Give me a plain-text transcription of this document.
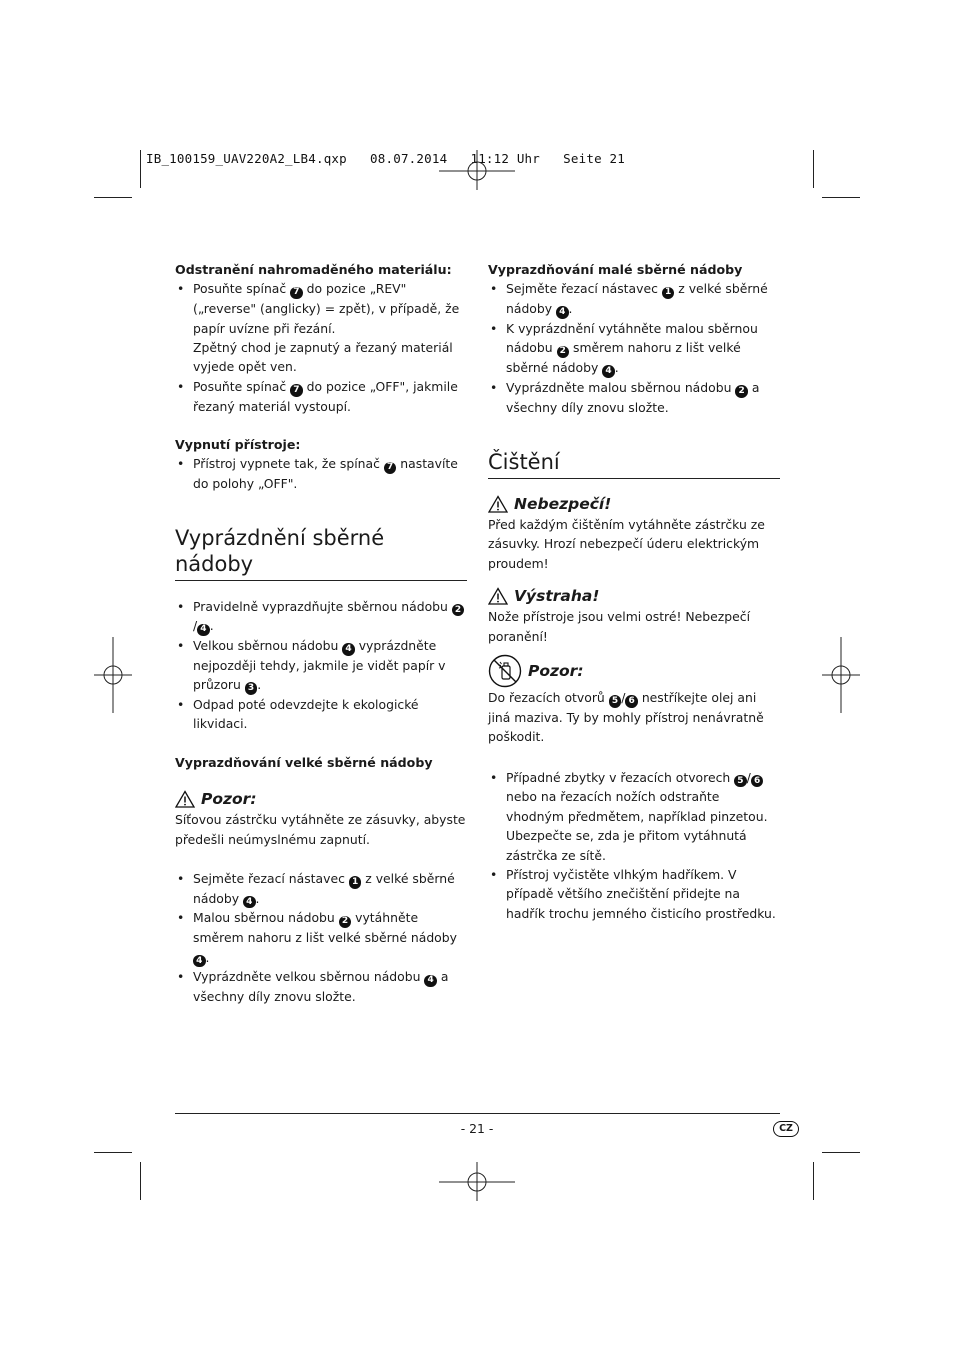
IB_100159_UAV220A2_LB4.qxp   08.07.2014   11:12 Uhr   Seite 21

Odstranění nahromaděného materiálu:

• Posuňte spínač 7 do pozice „REV" („reverse" (anglicky) = zpět), v případě, že papír uvízne při řezání.
Zpětný chod je zapnutý a řezaný materiál vyjede opět ven.
• Posuňte spínač 7 do pozice „OFF", jakmile řezaný materiál vystoupí.

Vypnutí přístroje:

• Přístroj vypnete tak, že spínač 7 nastavíte do polohy „OFF".
Vyprázdnění sběrné nádoby
• Pravidelně vyprazdňujte sběrnou nádobu 2/ 4 .
• Velkou sběrnou nádobu 4 vyprázdněte nejpozději tehdy, jakmile je vidět papír v průzoru 3 .
• Odpad poté odevzdejte k ekologické likvidaci.

Vyprazdňování velké sběrné nádoby

Pozor:

Síťovou zástrčku vytáhněte ze zásuvky, abyste předešli neúmyslnému zapnutí.

• Sejměte řezací nástavec 1 z velké sběrné nádoby 4 .
• Malou sběrnou nádobu 2 vytáhněte směrem nahoru z lišt velké sběrné nádoby 4 .
• Vyprázdněte velkou sběrnou nádobu 4 a všechny díly znovu složte.

Vyprazdňování malé sběrné nádoby

• Sejměte řezací nástavec 1 z velké sběrné nádoby 4 .
• K vyprázdnění vytáhněte malou sběrnou nádobu 2 směrem nahoru z lišt velké sběrné nádoby 4 .
• Vyprázdněte malou sběrnou nádobu 2 a všechny díly znovu složte.
Čištění
Nebezpečí!

Před každým čištěním vytáhněte zástrčku ze zásuvky. Hrozí nebezpečí úderu elektrickým proudem!

Výstraha!

Nože přístroje jsou velmi ostré! Nebezpečí poranění!

Pozor:

Do řezacích otvorů 5 / 6 nestříkejte olej ani jiná maziva. Ty by mohly přístroj nenávratně poškodit.

• Případné zbytky v řezacích otvorech 5 / 6 nebo na řezacích nožích odstraňte vhodným předmětem, například pinzetou. Ubezpečte se, zda je přitom vytáhnutá zástrčka ze sítě.
• Přístroj vyčistěte vlhkým hadříkem. V případě většího znečištění přidejte na hadřík trochu jemného čisticího prostředku.
- 21 -	CZ
